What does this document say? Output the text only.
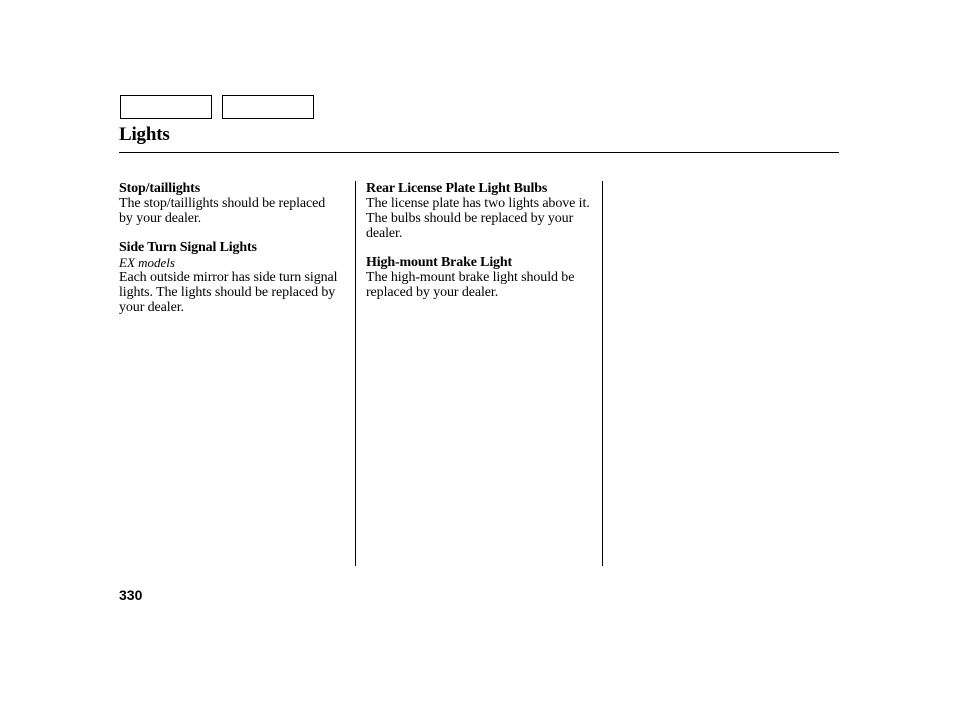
Lights
Stop/taillights
The stop/taillights should be replaced by your dealer.
Side Turn Signal Lights
EX models
Each outside mirror has side turn signal lights. The lights should be replaced by your dealer.
Rear License Plate Light Bulbs
The license plate has two lights above it. The bulbs should be replaced by your dealer.
High-mount Brake Light
The high-mount brake light should be replaced by your dealer.
330
